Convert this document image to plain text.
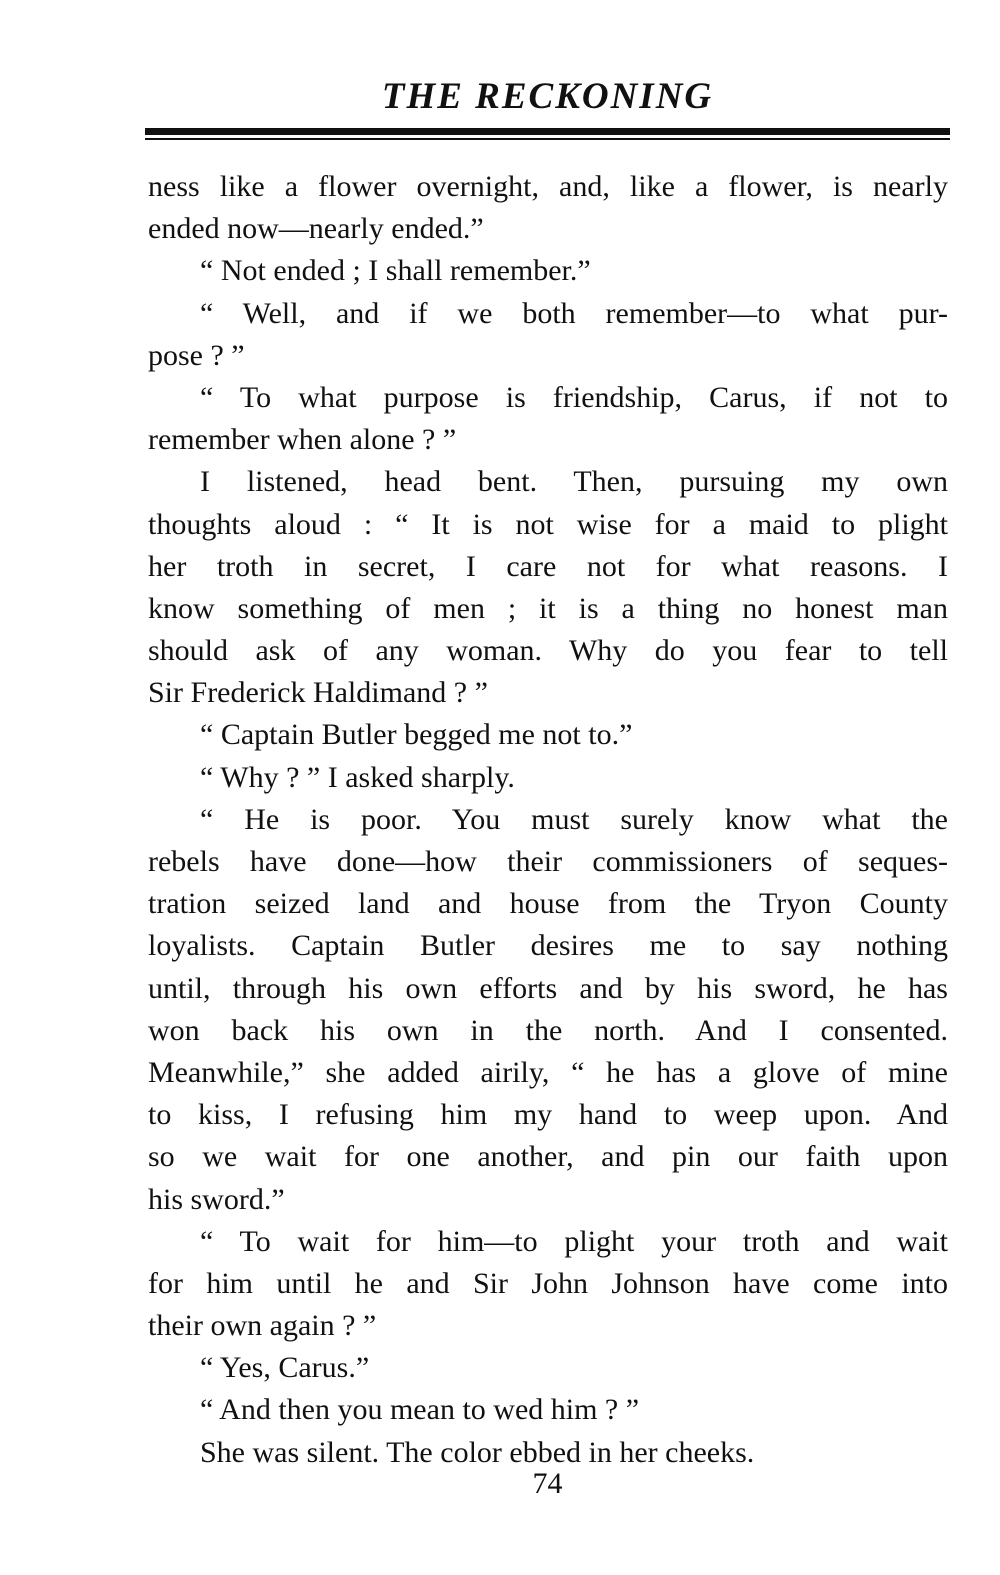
THE RECKONING
ness like a flower overnight, and, like a flower, is nearly
ended now—nearly ended.”
“ Not ended ; I shall remember.”
“ Well, and if we both remember—to what pur-
pose ? ”
“ To what purpose is friendship, Carus, if not to
remember when alone ? ”
I listened, head bent. Then, pursuing my own
thoughts aloud : “ It is not wise for a maid to plight
her troth in secret, I care not for what reasons. I
know something of men ; it is a thing no honest man
should ask of any woman. Why do you fear to tell
Sir Frederick Haldimand ? ”
“ Captain Butler begged me not to.”
“ Why ? ” I asked sharply.
“ He is poor. You must surely know what the
rebels have done—how their commissioners of seques-
tration seized land and house from the Tryon County
loyalists. Captain Butler desires me to say nothing
until, through his own efforts and by his sword, he has
won back his own in the north. And I consented.
Meanwhile,” she added airily, “ he has a glove of mine
to kiss, I refusing him my hand to weep upon. And
so we wait for one another, and pin our faith upon
his sword.”
“ To wait for him—to plight your troth and wait
for him until he and Sir John Johnson have come into
their own again ? ”
“ Yes, Carus.”
“ And then you mean to wed him ? ”
She was silent. The color ebbed in her cheeks.
74
